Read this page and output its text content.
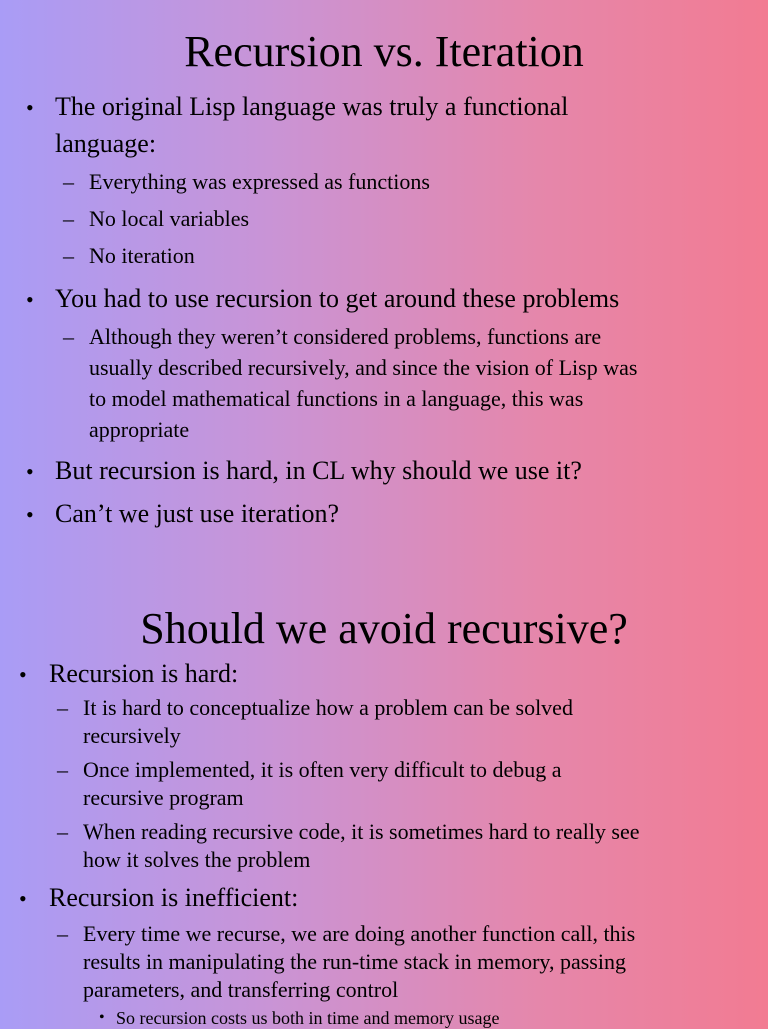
Recursion vs. Iteration
• The original Lisp language was truly a functional
language:
– Everything was expressed as functions
– No local variables
– No iteration
• You had to use recursion to get around these problems
– Although they weren’t considered problems, functions are
usually described recursively, and since the vision of Lisp was
to model mathematical functions in a language, this was
appropriate
• But recursion is hard, in CL why should we use it?
• Can’t we just use iteration?
Should we avoid recursive?
• Recursion is hard:
– It is hard to conceptualize how a problem can be solved
recursively
– Once implemented, it is often very difficult to debug a
recursive program
– When reading recursive code, it is sometimes hard to really see
how it solves the problem
• Recursion is inefficient:
– Every time we recurse, we are doing another function call, this
results in manipulating the run-time stack in memory, passing
parameters, and transferring control
• So recursion costs us both in time and memory usage
